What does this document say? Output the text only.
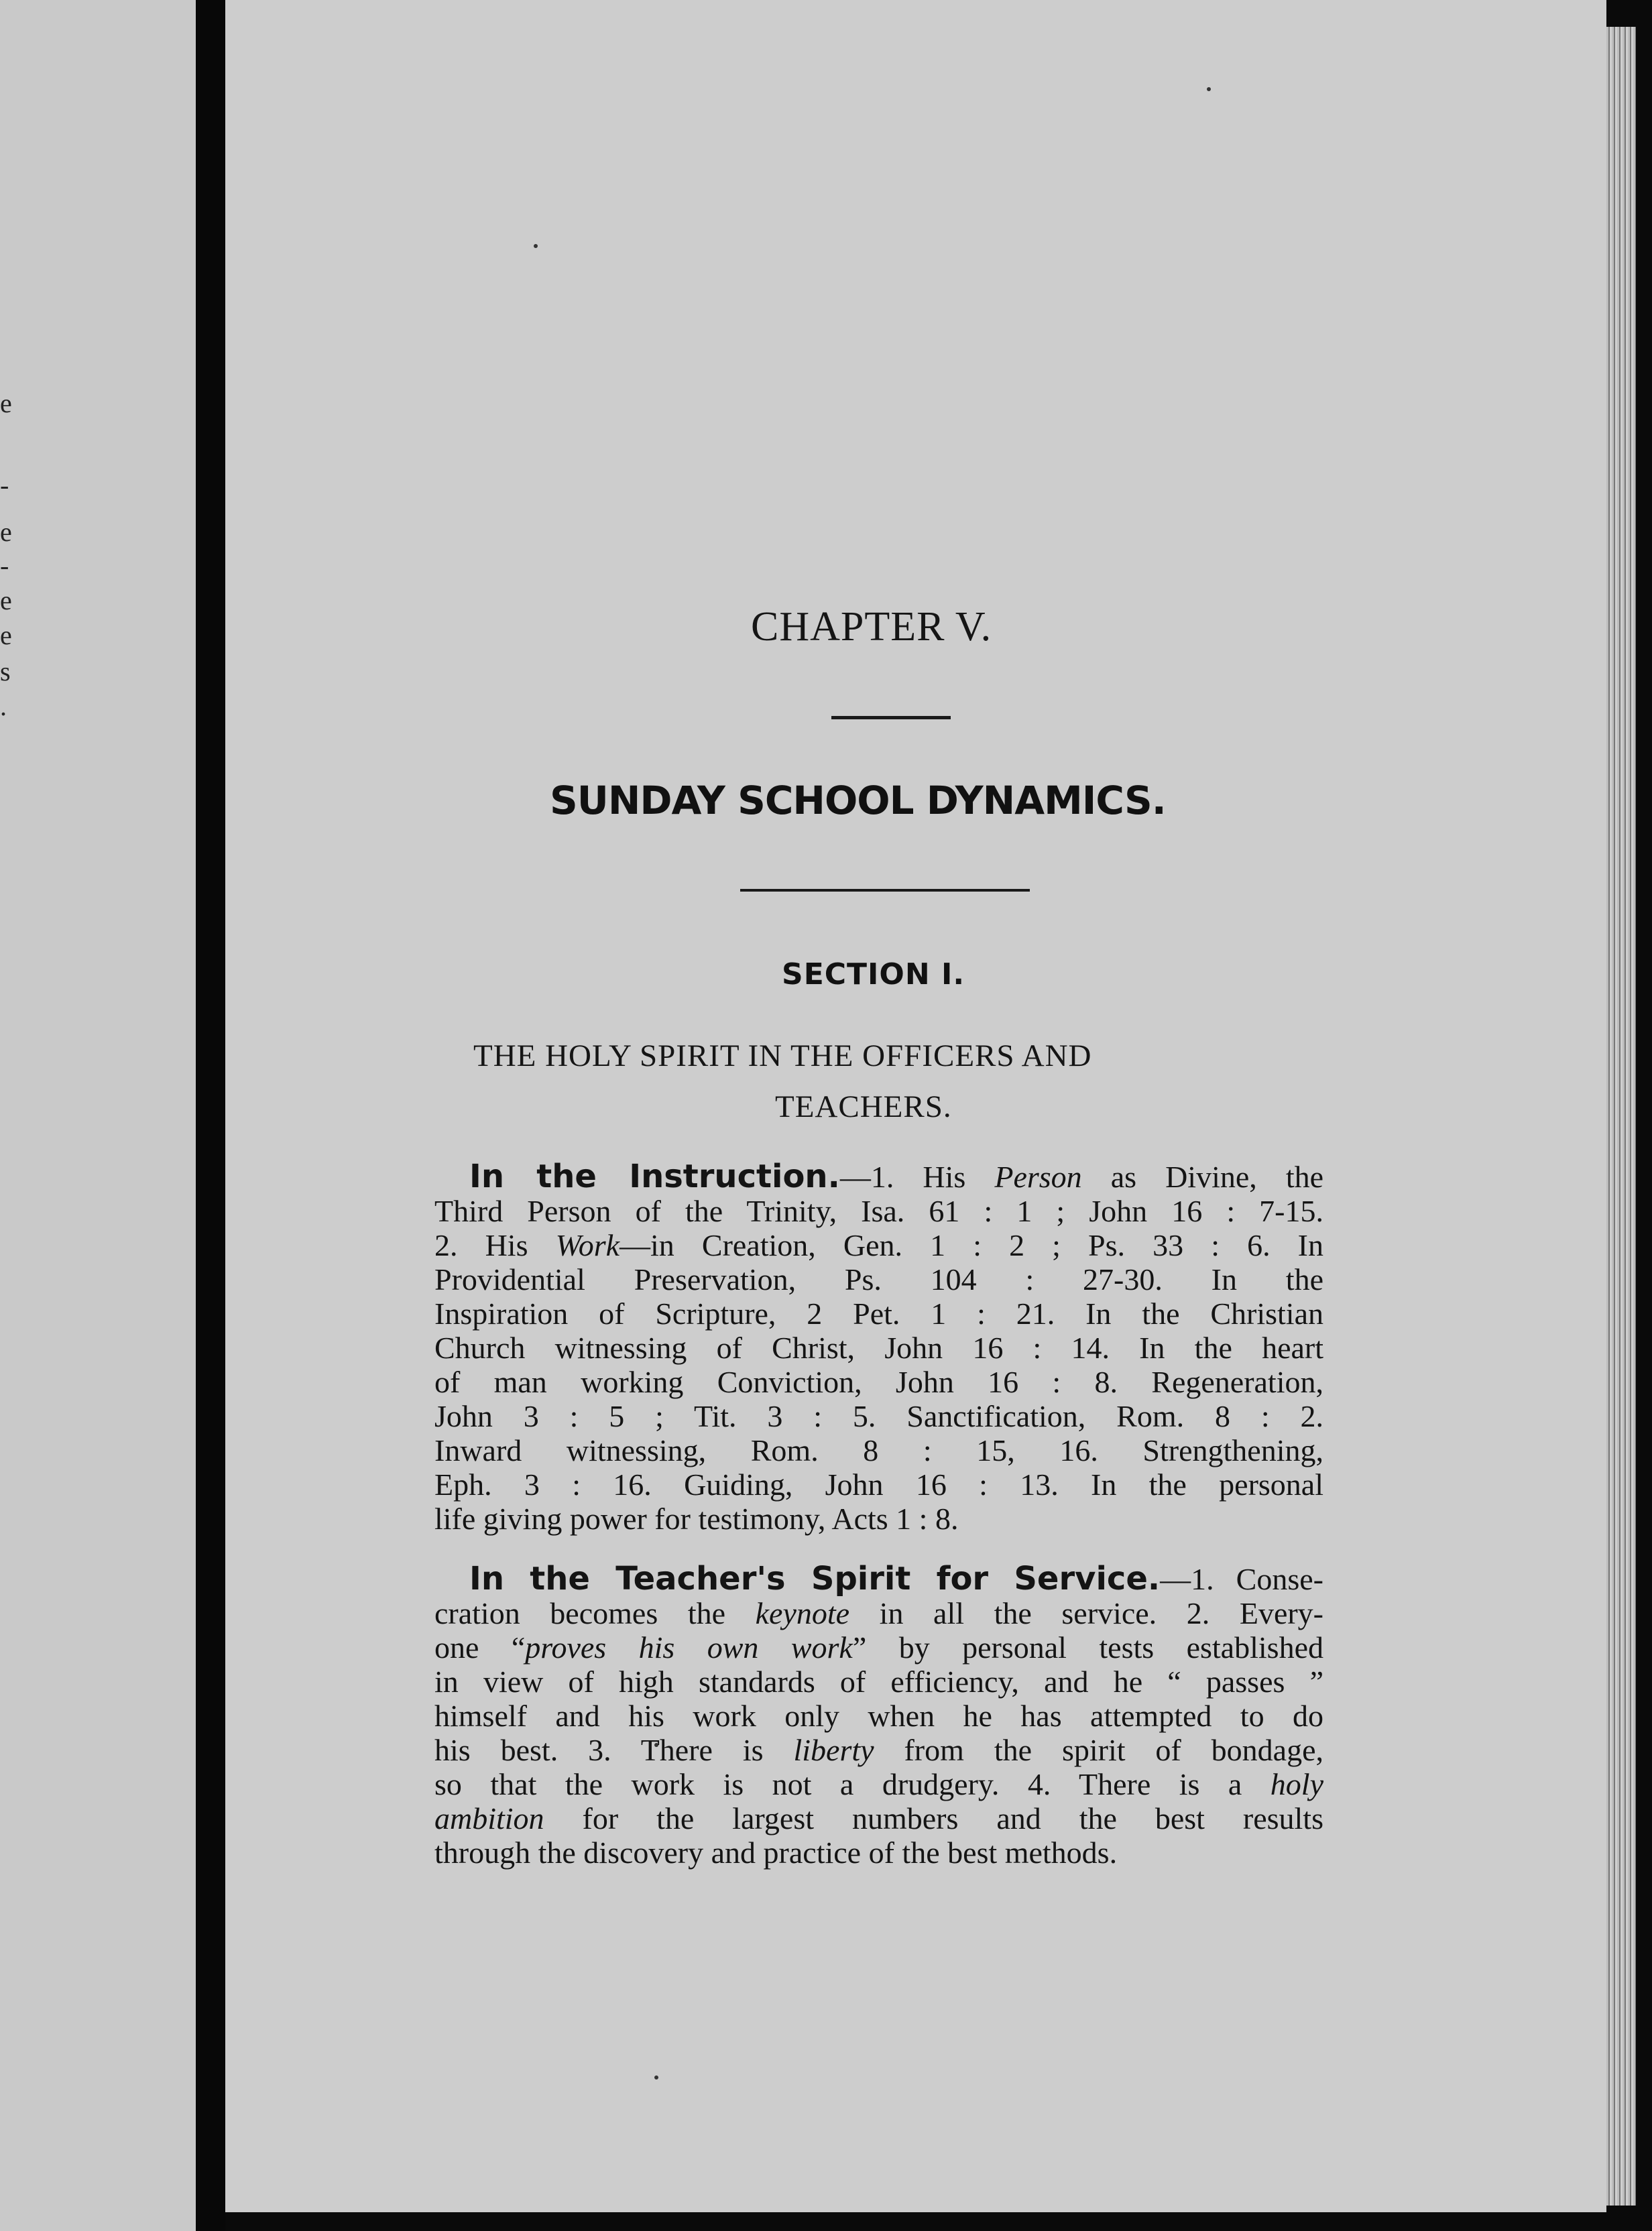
e
-
e
-
e
e
s
.
CHAPTER V.
SUNDAY SCHOOL DYNAMICS.
SECTION I.
THE HOLY SPIRIT IN THE OFFICERS AND
TEACHERS.
In the Instruction.—1. His Person as Divine, the
Third Person of the Trinity, Isa. 61 : 1 ; John 16 : 7-15.
2. His Work—in Creation, Gen. 1 : 2 ; Ps. 33 : 6. In
Providential Preservation, Ps. 104 : 27-30. In the
Inspiration of Scripture, 2 Pet. 1 : 21. In the Christian
Church witnessing of Christ, John 16 : 14. In the heart
of man working Conviction, John 16 : 8. Regeneration,
John 3 : 5 ; Tit. 3 : 5. Sanctification, Rom. 8 : 2.
Inward witnessing, Rom. 8 : 15, 16. Strengthening,
Eph. 3 : 16. Guiding, John 16 : 13. In the personal
life giving power for testimony, Acts 1 : 8.
In the Teacher's Spirit for Service.—1. Conse-
cration becomes the keynote in all the service. 2. Every-
one “proves his own work” by personal tests established
in view of high standards of efficiency, and he “ passes ”
himself and his work only when he has attempted to do
his best. 3. There is liberty from the spirit of bondage,
so that the work is not a drudgery. 4. There is a holy
ambition for the largest numbers and the best results
through the discovery and practice of the best methods.
